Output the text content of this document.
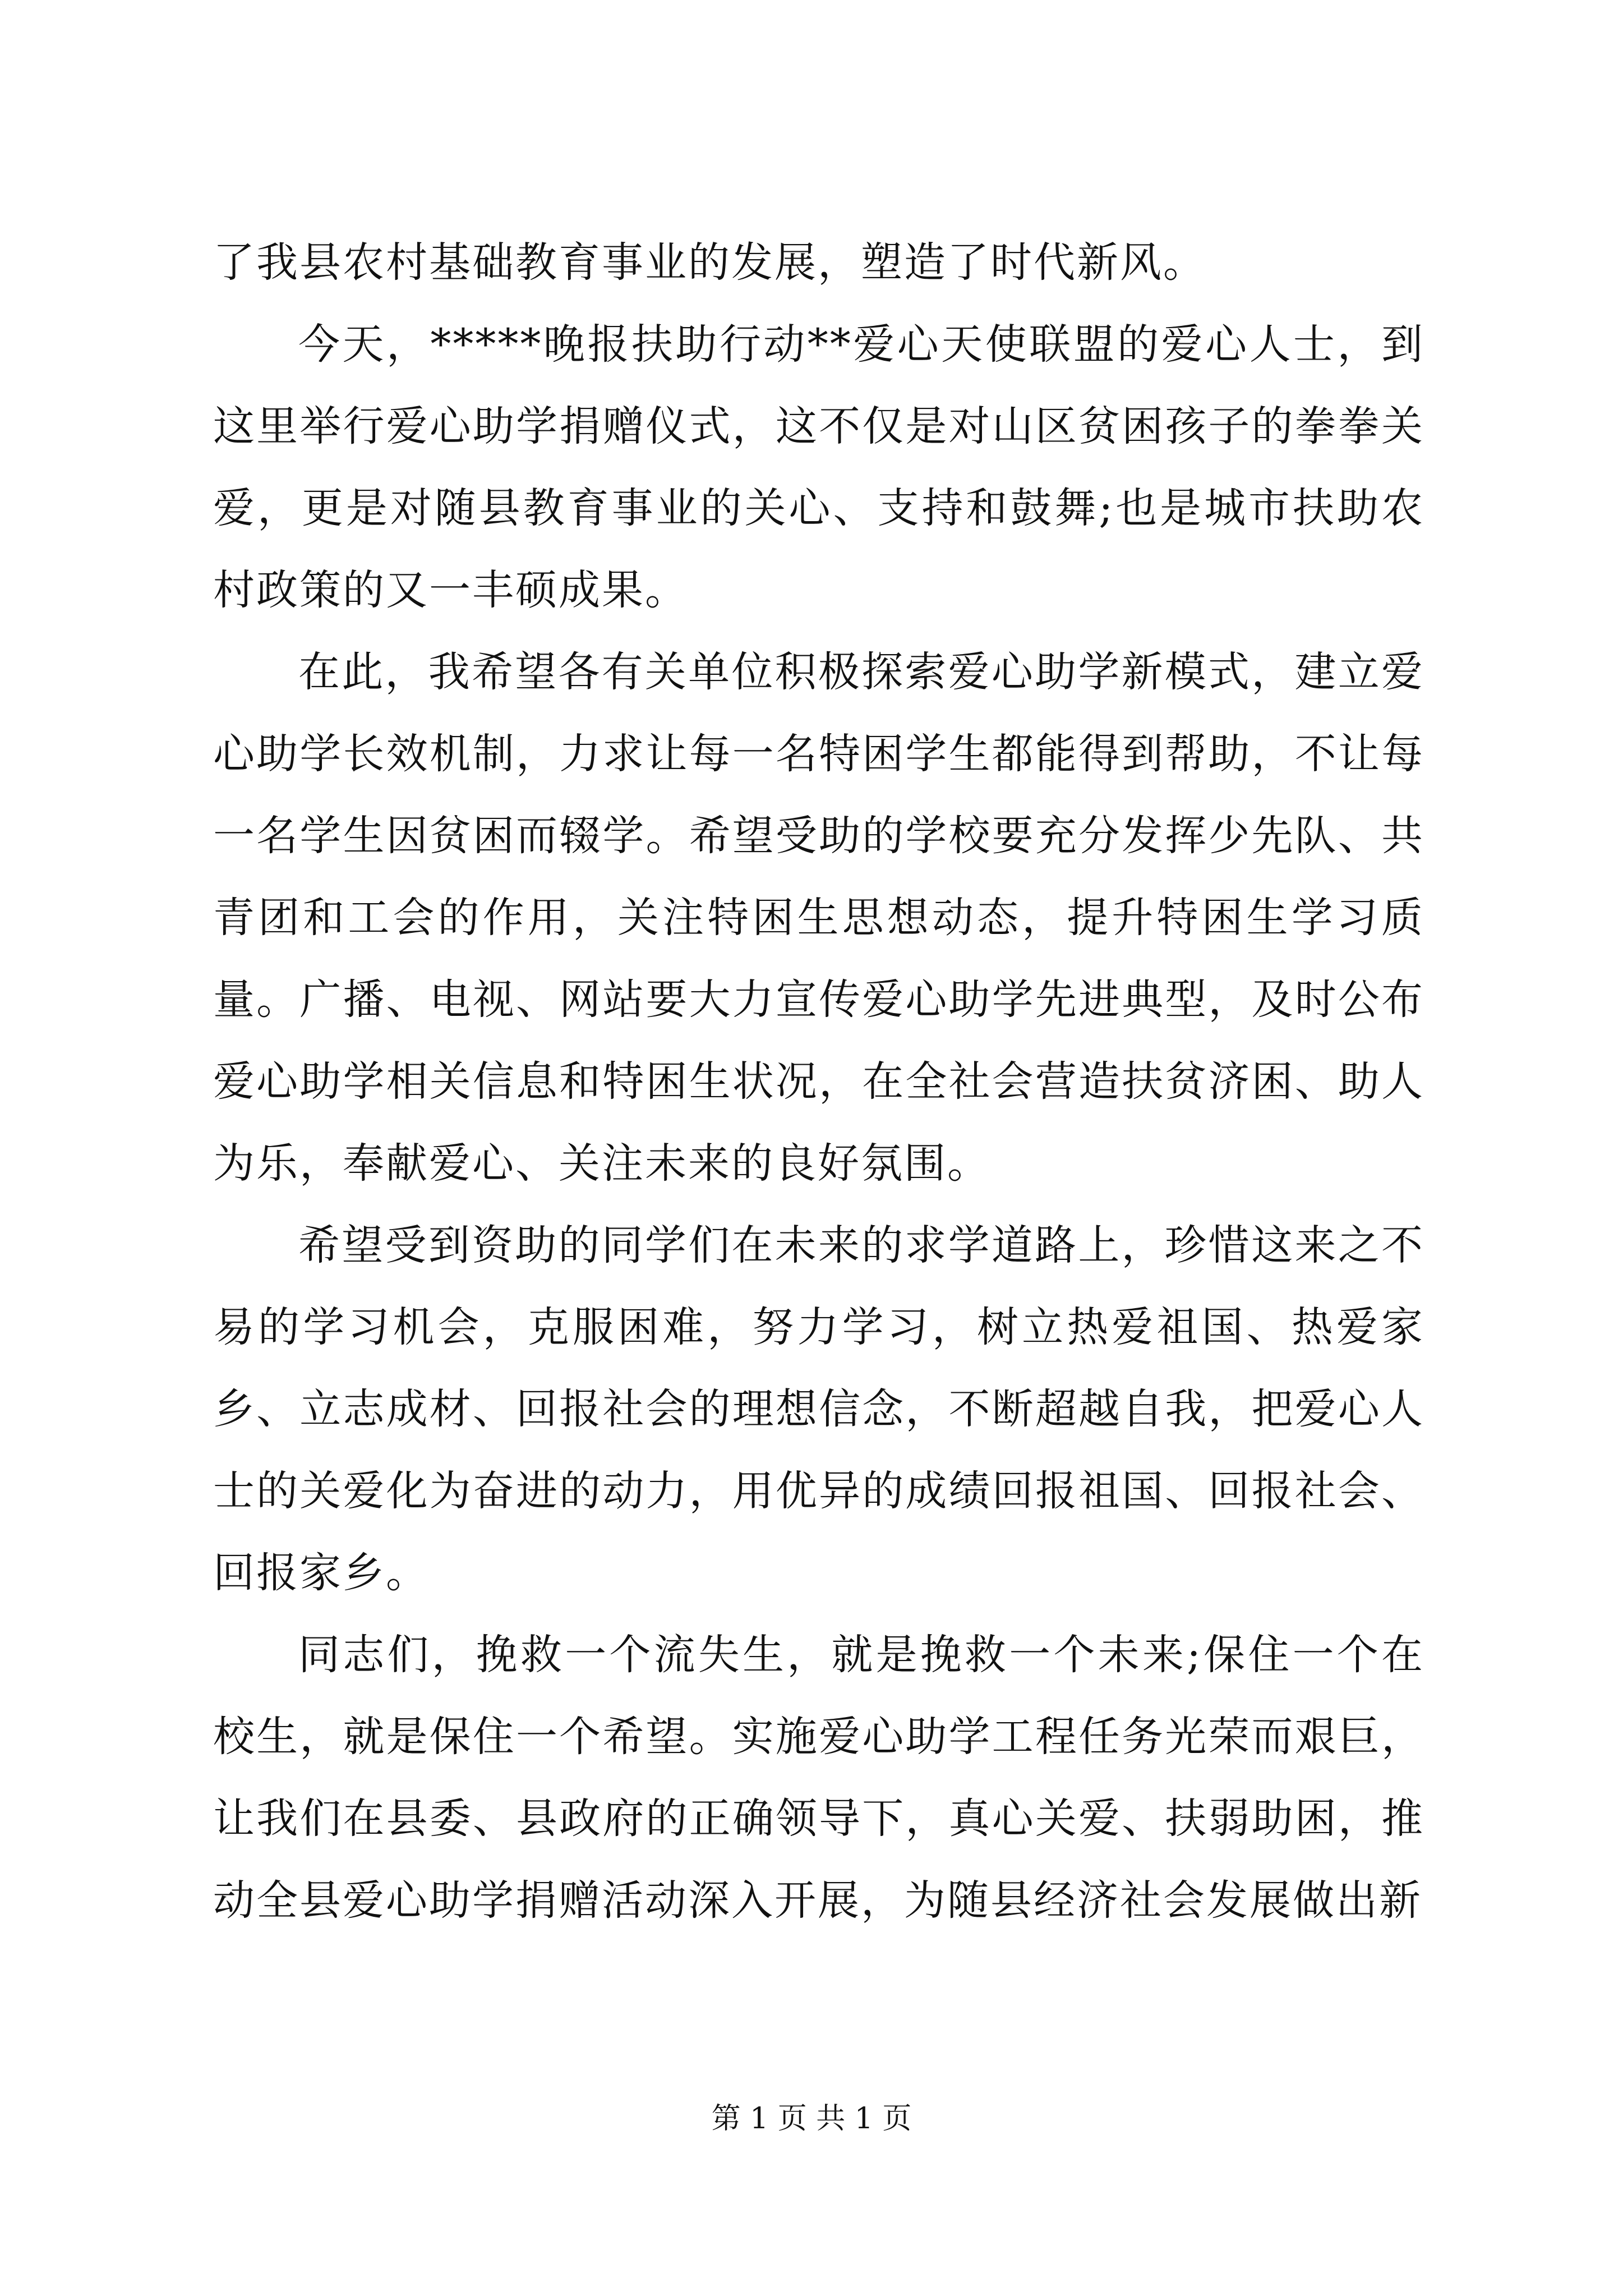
了我县农村基础教育事业的发展，塑造了时代新风。

今天，*****晚报扶助行动**爱心天使联盟的爱心人士，到这里举行爱心助学捐赠仪式，这不仅是对山区贫困孩子的拳拳关爱，更是对随县教育事业的关心、支持和鼓舞;也是城市扶助农村政策的又一丰硕成果。

在此，我希望各有关单位积极探索爱心助学新模式，建立爱心助学长效机制，力求让每一名特困学生都能得到帮助，不让每一名学生因贫困而辍学。希望受助的学校要充分发挥少先队、共青团和工会的作用，关注特困生思想动态，提升特困生学习质量。广播、电视、网站要大力宣传爱心助学先进典型，及时公布爱心助学相关信息和特困生状况，在全社会营造扶贫济困、助人为乐，奉献爱心、关注未来的良好氛围。

希望受到资助的同学们在未来的求学道路上，珍惜这来之不易的学习机会，克服困难，努力学习，树立热爱祖国、热爱家乡、立志成材、回报社会的理想信念，不断超越自我，把爱心人士的关爱化为奋进的动力，用优异的成绩回报祖国、回报社会、回报家乡。

同志们，挽救一个流失生，就是挽救一个未来;保住一个在校生，就是保住一个希望。实施爱心助学工程任务光荣而艰巨，让我们在县委、县政府的正确领导下，真心关爱、扶弱助困，推动全县爱心助学捐赠活动深入开展，为随县经济社会发展做出新

第 1 页 共 1 页
